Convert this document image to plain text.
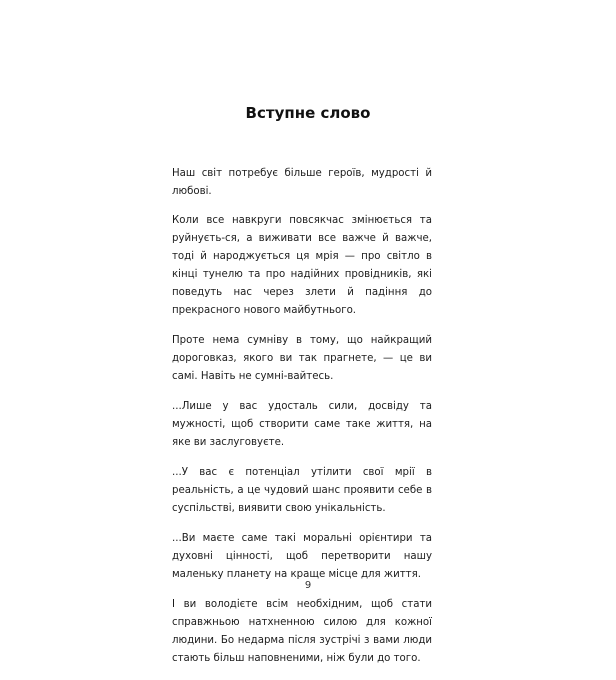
Вступне слово

Наш світ потребує більше героїв, мудрості й любові.

Коли все навкруги повсякчас змінюється та руйнуєть-ся, а виживати все важче й важче, тоді й народжується ця мрія — про світло в кінці тунелю та про надійних провідників, які поведуть нас через злети й падіння до прекрасного нового майбутнього.

Проте нема сумніву в тому, що найкращий дороговказ, якого ви так прагнете, — це ви самі. Навіть не сумні-вайтесь.

...Лише у вас удосталь сили, досвіду та мужності, щоб створити саме таке життя, на яке ви заслуговуєте.

...У вас є потенціал утілити свої мрії в реальність, а це чудовий шанс проявити себе в суспільстві, виявити свою унікальність.

...Ви маєте саме такі моральні орієнтири та духовні цінності, щоб перетворити нашу маленьку планету на краще місце для життя.

І ви володієте всім необхідним, щоб стати справжньою натхненною силою для кожної людини. Бо недарма після зустрічі з вами люди стають більш наповненими, ніж були до того.

9
